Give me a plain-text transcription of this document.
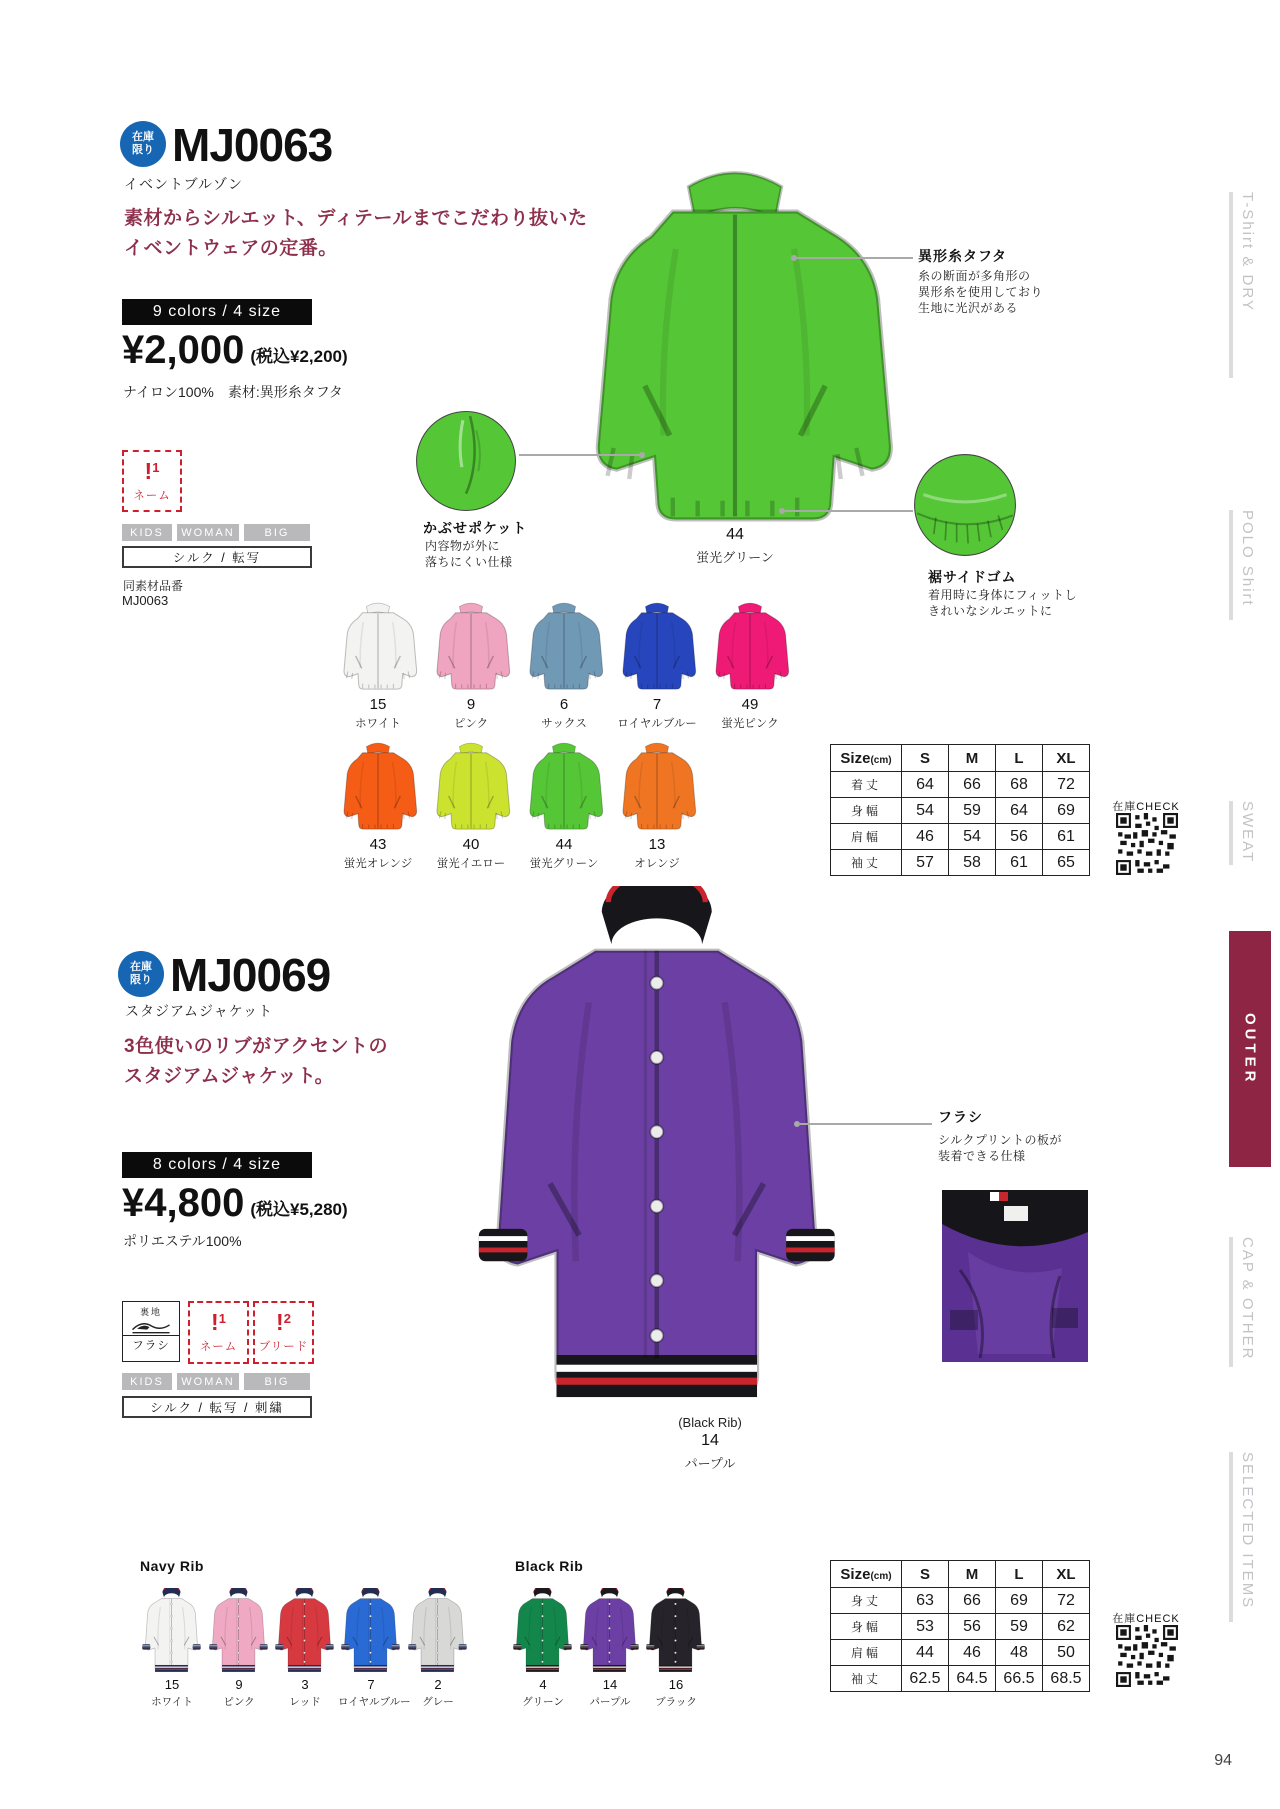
T-Shirt & DRY
POLO Shirt
SWEAT
OUTER
CAP & OTHER
SELECTED ITEMS
94
在庫
限り MJ0063
イベントブルゾン
素材からシルエット、ディテールまでこだわり抜いた
イベントウェアの定番。
9 colors / 4 size
¥2,000 (税込¥2,200)
ナイロン100%　素材:異形糸タフタ
!$^1$
ネーム
KIDS	WOMAN	BIG
シルク / 転写
同素材品番
MJ0063
44
蛍光グリーン
異形糸タフタ
糸の断面が多角形の
異形糸を使用しており
生地に光沢がある
かぶせポケット
内容物が外に
落ちにくい仕様
裾サイドゴム
着用時に身体にフィットし
きれいなシルエットに
15
ホワイト
9
ピンク
6
サックス
7
ロイヤルブルー
49
蛍光ピンク
43
蛍光オレンジ
40
蛍光イエロー
44
蛍光グリーン
13
オレンジ
Size(cm)	S	M	L	XL
着丈	64	66	68	72
身幅	54	59	64	69
肩幅	46	54	56	61
袖丈	57	58	61	65
在庫CHECK
在庫
限り MJ0069
スタジアムジャケット
3色使いのリブがアクセントの
スタジアムジャケット。
8 colors / 4 size
¥4,800 (税込¥5,280)
ポリエステル100%
裏地
フラシ
!$^1$
ネーム
!$^2$
ブリード
KIDS	WOMAN	BIG
シルク / 転写 / 刺繍
(Black Rib)
14
パープル
フラシ
シルクプリントの板が
装着できる仕様
Navy Rib	Black Rib
15
ホワイト
9
ピンク
3
レッド
7
ロイヤルブルー
2
グレー
4
グリーン
14
パープル
16
ブラック
Size(cm)	S	M	L	XL
身丈	63	66	69	72
身幅	53	56	59	62
肩幅	44	46	48	50
袖丈	62.5	64.5	66.5	68.5
在庫CHECK
